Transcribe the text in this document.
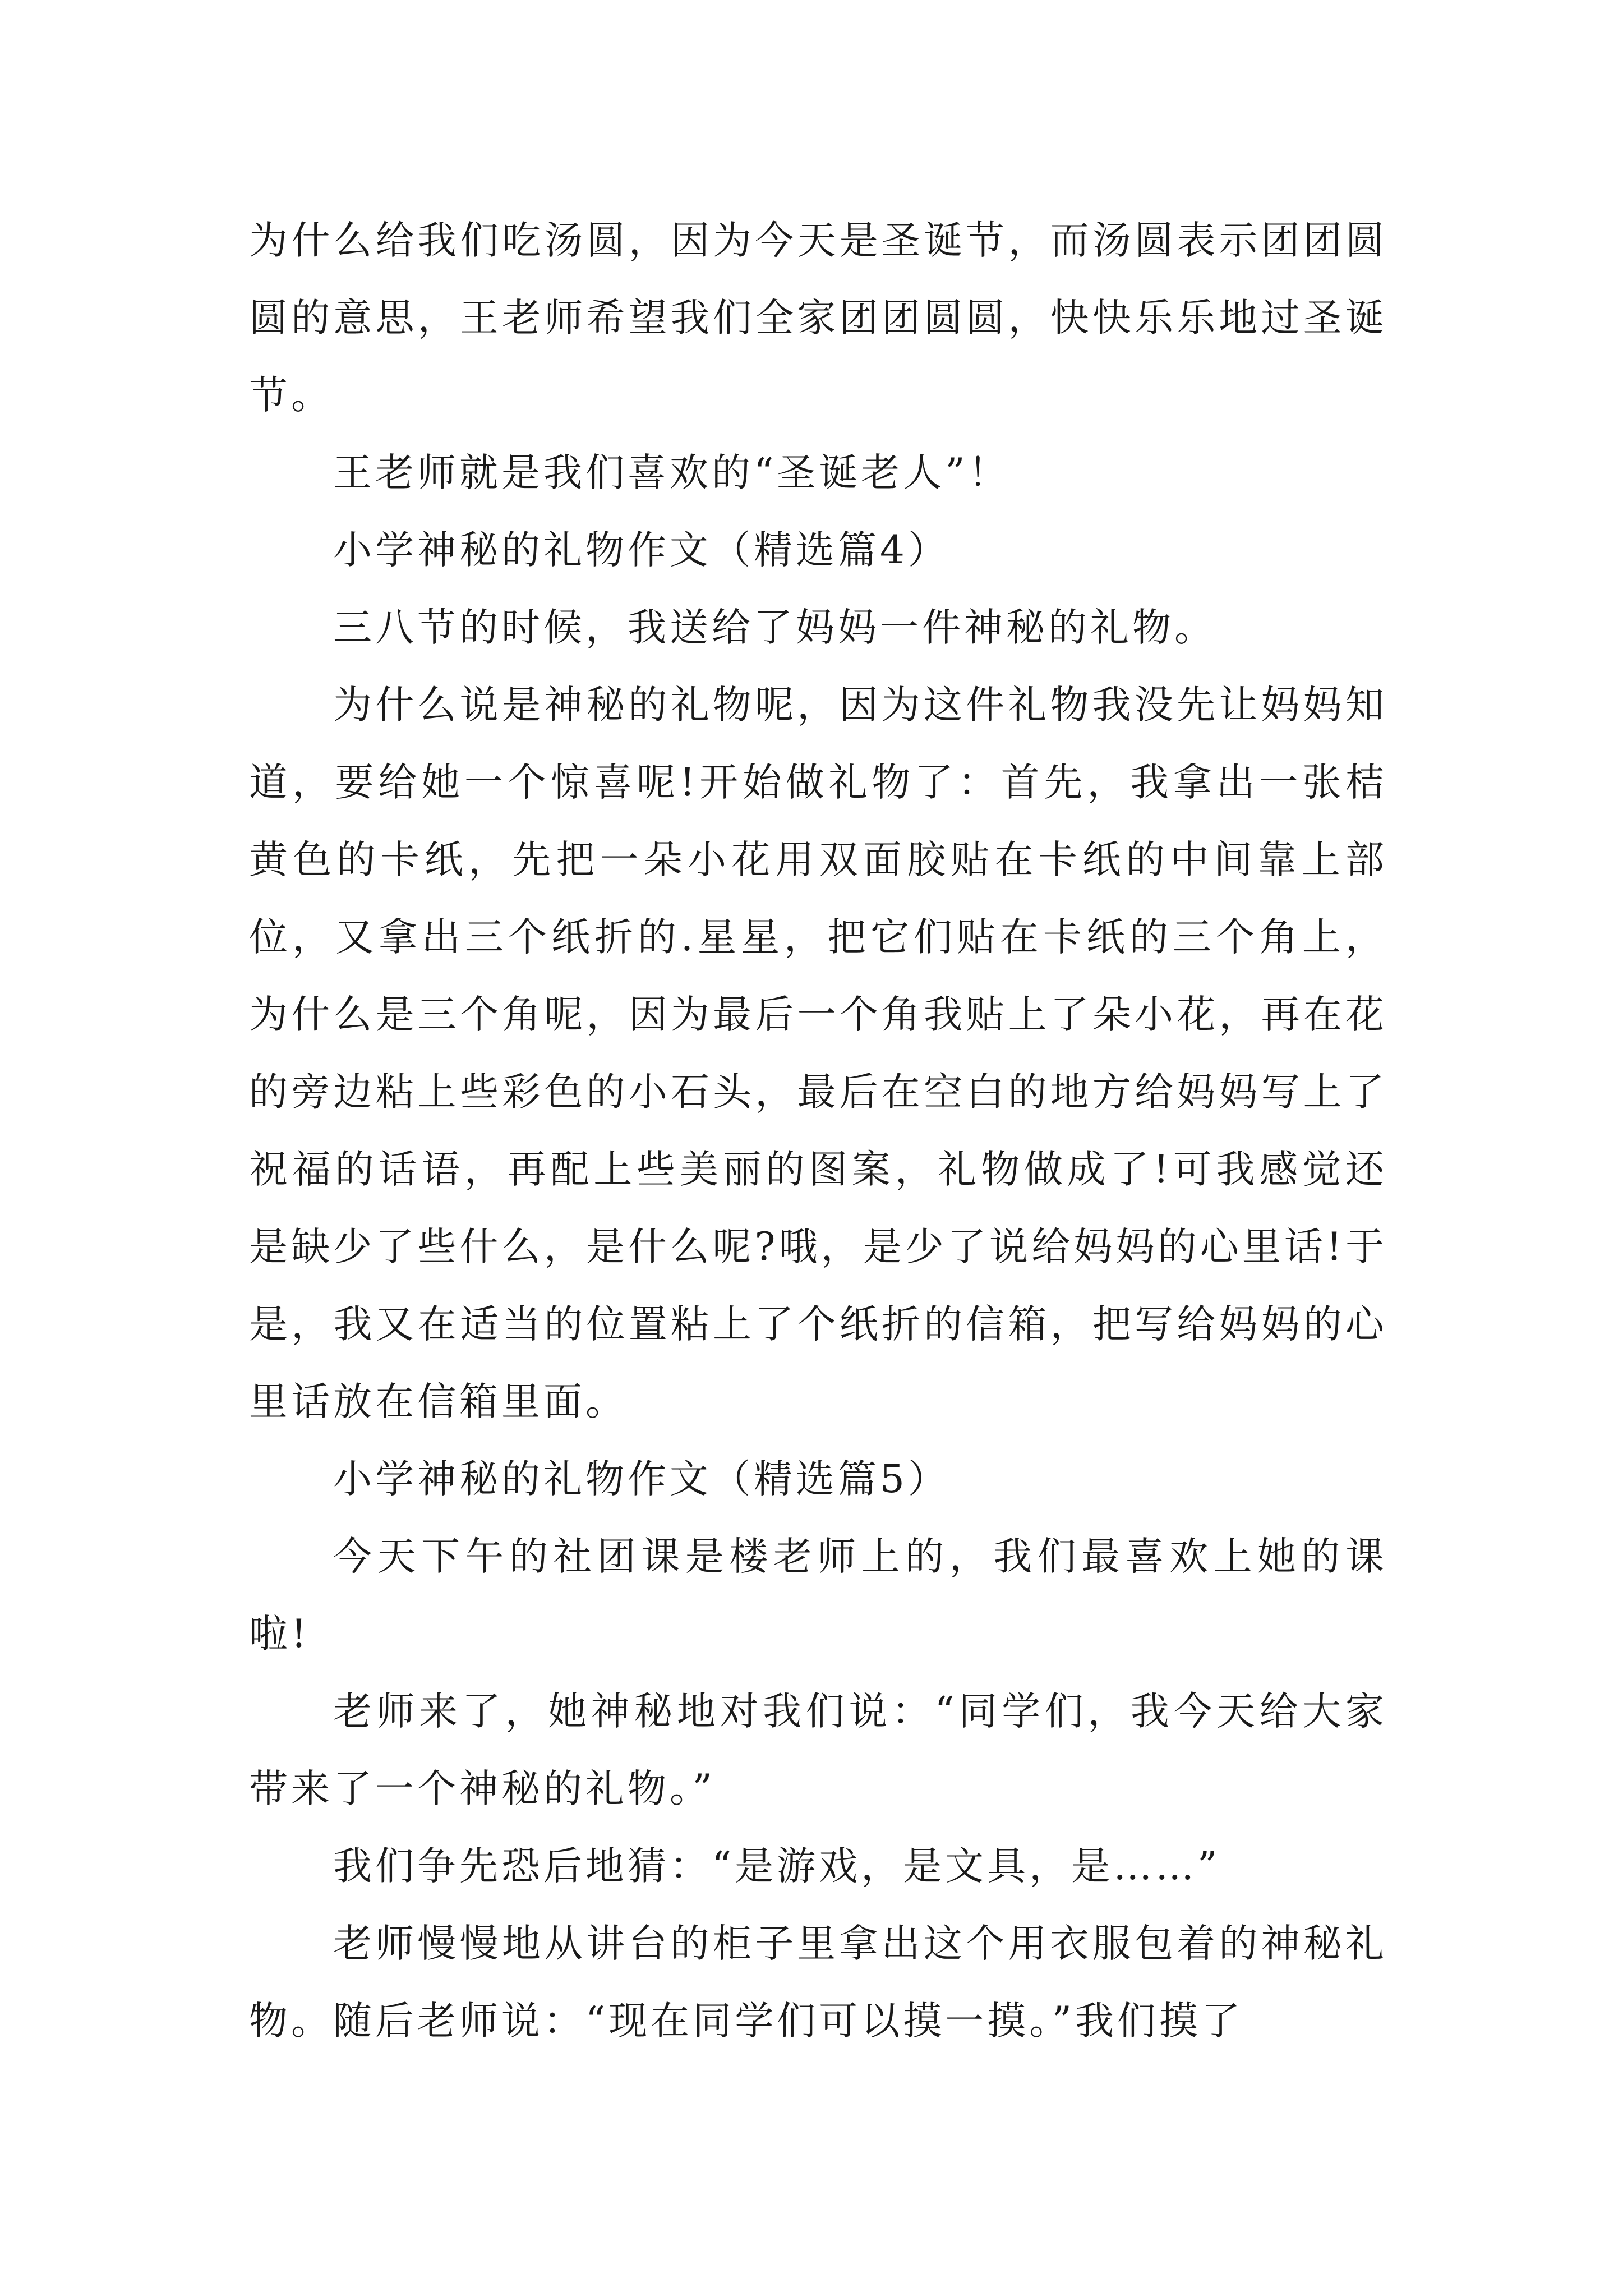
为什么给我们吃汤圆，因为今天是圣诞节，而汤圆表示团团圆圆的意思，王老师希望我们全家团团圆圆，快快乐乐地过圣诞节。

王老师就是我们喜欢的“圣诞老人”！

小学神秘的礼物作文（精选篇4）

三八节的时候，我送给了妈妈一件神秘的礼物。

为什么说是神秘的礼物呢，因为这件礼物我没先让妈妈知道，要给她一个惊喜呢!开始做礼物了：首先，我拿出一张桔黄色的卡纸，先把一朵小花用双面胶贴在卡纸的中间靠上部位，又拿出三个纸折的.星星，把它们贴在卡纸的三个角上，为什么是三个角呢，因为最后一个角我贴上了朵小花，再在花的旁边粘上些彩色的小石头，最后在空白的地方给妈妈写上了祝福的话语，再配上些美丽的图案，礼物做成了!可我感觉还是缺少了些什么，是什么呢?哦，是少了说给妈妈的心里话!于是，我又在适当的位置粘上了个纸折的信箱，把写给妈妈的心里话放在信箱里面。

小学神秘的礼物作文（精选篇5）

今天下午的社团课是楼老师上的，我们最喜欢上她的课啦!

老师来了，她神秘地对我们说：“同学们，我今天给大家带来了一个神秘的礼物。”

我们争先恐后地猜：“是游戏，是文具，是……”

老师慢慢地从讲台的柜子里拿出这个用衣服包着的神秘礼物。随后老师说：“现在同学们可以摸一摸。”我们摸了
